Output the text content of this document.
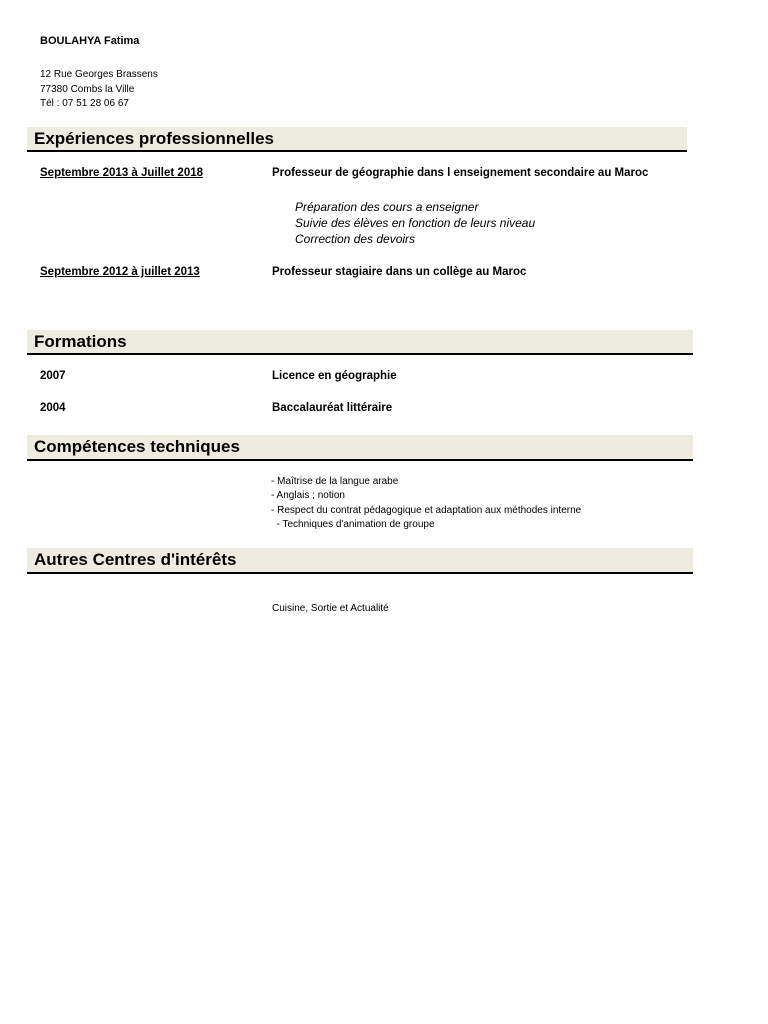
BOULAHYA Fatima
12 Rue Georges Brassens
77380 Combs la Ville
Tél : 07 51 28 06 67
Expériences professionnelles
Septembre 2013 à Juillet 2018	Professeur de géographie dans l enseignement secondaire au Maroc
Préparation des cours a enseigner
Suivie des élèves en fonction de leurs niveau
Correction des devoirs
Septembre 2012 à juillet 2013	Professeur stagiaire dans un collège au Maroc
Formations
2007	Licence en géographie
2004	Baccalauréat littéraire
Compétences techniques
- Maîtrise de la langue arabe
- Anglais ; notion
- Respect du contrat pédagogique et adaptation aux méthodes interne
- Techniques d'animation de groupe
Autres Centres d'intérêts
Cuisine, Sortie et Actualité
